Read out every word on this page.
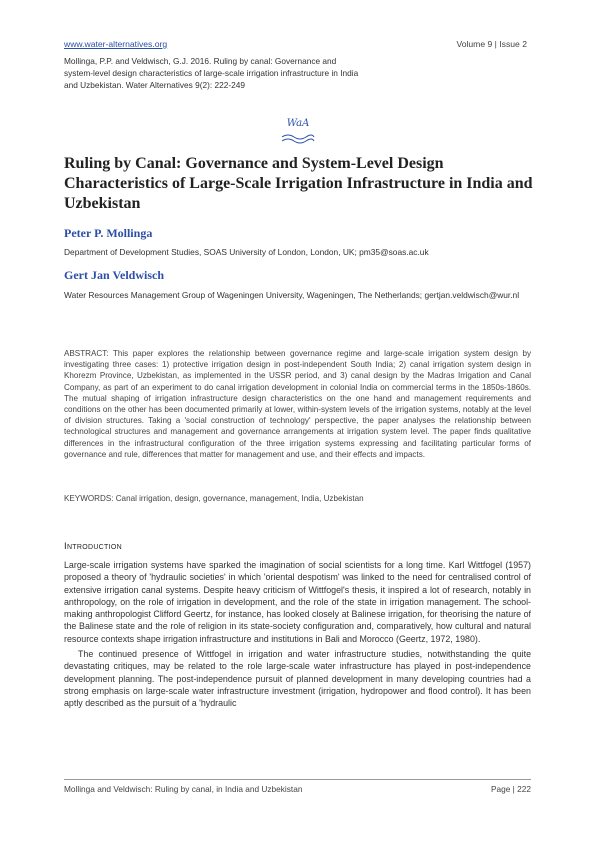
www.water-alternatives.org	Volume 9 | Issue 2
Mollinga, P.P. and Veldwisch, G.J. 2016. Ruling by canal: Governance and system-level design characteristics of large-scale irrigation infrastructure in India and Uzbekistan. Water Alternatives 9(2): 222-249
WaA
Ruling by Canal: Governance and System-Level Design Characteristics of Large-Scale Irrigation Infrastructure in India and Uzbekistan
Peter P. Mollinga
Department of Development Studies, SOAS University of London, London, UK; pm35@soas.ac.uk
Gert Jan Veldwisch
Water Resources Management Group of Wageningen University, Wageningen, The Netherlands; gertjan.veldwisch@wur.nl
ABSTRACT: This paper explores the relationship between governance regime and large-scale irrigation system design by investigating three cases: 1) protective irrigation design in post-independent South India; 2) canal irrigation system design in Khorezm Province, Uzbekistan, as implemented in the USSR period, and 3) canal design by the Madras Irrigation and Canal Company, as part of an experiment to do canal irrigation development in colonial India on commercial terms in the 1850s-1860s. The mutual shaping of irrigation infrastructure design characteristics on the one hand and management requirements and conditions on the other has been documented primarily at lower, within-system levels of the irrigation systems, notably at the level of division structures. Taking a 'social construction of technology' perspective, the paper analyses the relationship between technological structures and management and governance arrangements at irrigation system level. The paper finds qualitative differences in the infrastructural configuration of the three irrigation systems expressing and facilitating particular forms of governance and rule, differences that matter for management and use, and their effects and impacts.
KEYWORDS: Canal irrigation, design, governance, management, India, Uzbekistan
Introduction

Large-scale irrigation systems have sparked the imagination of social scientists for a long time. Karl Wittfogel (1957) proposed a theory of 'hydraulic societies' in which 'oriental despotism' was linked to the need for centralised control of extensive irrigation canal systems. Despite heavy criticism of Wittfogel's thesis, it inspired a lot of research, notably in anthropology, on the role of irrigation in development, and the role of the state in irrigation management. The school-making anthropologist Clifford Geertz, for instance, has looked closely at Balinese irrigation, for theorising the nature of the Balinese state and the role of religion in its state-society configuration and, comparatively, how cultural and natural resource contexts shape irrigation infrastructure and institutions in Bali and Morocco (Geertz, 1972, 1980).

The continued presence of Wittfogel in irrigation and water infrastructure studies, notwithstanding the quite devastating critiques, may be related to the role large-scale water infrastructure has played in post-independence development planning. The post-independence pursuit of planned development in many developing countries had a strong emphasis on large-scale water infrastructure investment (irrigation, hydropower and flood control). It has been aptly described as the pursuit of a 'hydraulic

Mollinga and Veldwisch: Ruling by canal, in India and Uzbekistan	Page | 222
